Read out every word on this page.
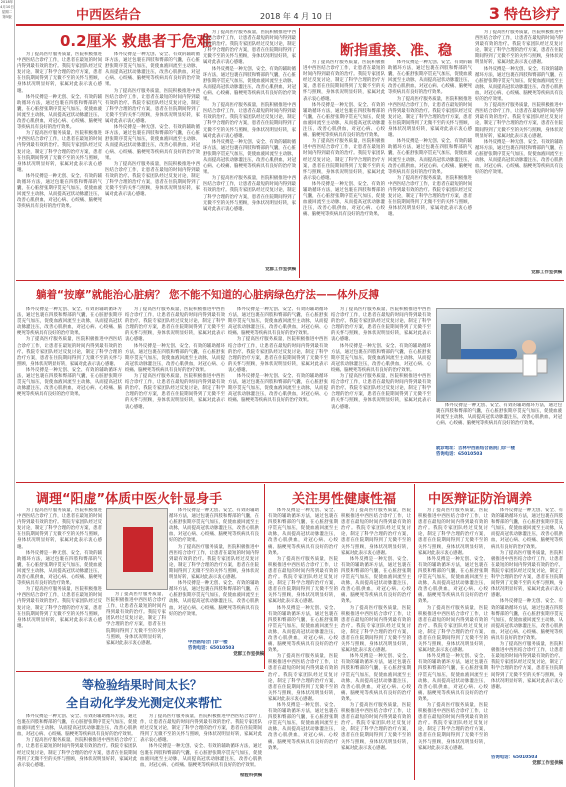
2018年4月10日
星期二 第5版	中西医结合	2018 年 4 月 10 日	3 特色诊疗
0.2厘米 救患者于危难
为了提高医疗服务质量，医院积极推进中西医结合诊疗工作，让患者在最短的时间内得到最有效的治疗。我院专家团队经过反复讨论，制定了科学合理的治疗方案，患者在住院期间得到了无微不至的关怀与照顾，身体状况明显好转，家属对此表示衷心感谢。
体外反搏是一种无创、安全、有效的辅助循环方法，通过包裹在四肢和臀部的气囊，在心脏舒张期序贯充气加压，促使血液回流至主动脉，从而提高冠状动脉灌注压，改善心肌供血，对冠心病、心绞痛、脑梗死等疾病具有良好的治疗效果。
为了提高医疗服务质量，医院积极推进中西医结合诊疗工作，让患者在最短的时间内得到最有效的治疗。我院专家团队经过反复讨论，制定了科学合理的治疗方案，患者在住院期间得到了无微不至的关怀与照顾，身体状况明显好转，家属对此表示衷心感谢。
体外反搏是一种无创、安全、有效的辅助循环方法，通过包裹在四肢和臀部的气囊，在心脏舒张期序贯充气加压，促使血液回流至主动脉，从而提高冠状动脉灌注压，改善心肌供血，对冠心病、心绞痛、脑梗死等疾病具有良好的治疗效果。
体外反搏是一种无创、安全、有效的辅助循环方法，通过包裹在四肢和臀部的气囊，在心脏舒张期序贯充气加压，促使血液回流至主动脉，从而提高冠状动脉灌注压，改善心肌供血，对冠心病、心绞痛、脑梗死等疾病具有良好的治疗效果。
为了提高医疗服务质量，医院积极推进中西医结合诊疗工作，让患者在最短的时间内得到最有效的治疗。我院专家团队经过反复讨论，制定了科学合理的治疗方案，患者在住院期间得到了无微不至的关怀与照顾，身体状况明显好转，家属对此表示衷心感谢。
体外反搏是一种无创、安全、有效的辅助循环方法，通过包裹在四肢和臀部的气囊，在心脏舒张期序贯充气加压，促使血液回流至主动脉，从而提高冠状动脉灌注压，改善心肌供血，对冠心病、心绞痛、脑梗死等疾病具有良好的治疗效果。
为了提高医疗服务质量，医院积极推进中西医结合诊疗工作，让患者在最短的时间内得到最有效的治疗。我院专家团队经过反复讨论，制定了科学合理的治疗方案，患者在住院期间得到了无微不至的关怀与照顾，身体状况明显好转，家属对此表示衷心感谢。
为了提高医疗服务质量，医院积极推进中西医结合诊疗工作，让患者在最短的时间内得到最有效的治疗。我院专家团队经过反复讨论，制定了科学合理的治疗方案，患者在住院期间得到了无微不至的关怀与照顾，身体状况明显好转，家属对此表示衷心感谢。
体外反搏是一种无创、安全、有效的辅助循环方法，通过包裹在四肢和臀部的气囊，在心脏舒张期序贯充气加压，促使血液回流至主动脉，从而提高冠状动脉灌注压，改善心肌供血，对冠心病、心绞痛、脑梗死等疾病具有良好的治疗效果。
为了提高医疗服务质量，医院积极推进中西医结合诊疗工作，让患者在最短的时间内得到最有效的治疗。我院专家团队经过反复讨论，制定了科学合理的治疗方案，患者在住院期间得到了无微不至的关怀与照顾，身体状况明显好转，家属对此表示衷心感谢。
体外反搏是一种无创、安全、有效的辅助循环方法，通过包裹在四肢和臀部的气囊，在心脏舒张期序贯充气加压，促使血液回流至主动脉，从而提高冠状动脉灌注压，改善心肌供血，对冠心病、心绞痛、脑梗死等疾病具有良好的治疗效果。
为了提高医疗服务质量，医院积极推进中西医结合诊疗工作，让患者在最短的时间内得到最有效的治疗。我院专家团队经过反复讨论，制定了科学合理的治疗方案，患者在住院期间得到了无微不至的关怀与照顾，身体状况明显好转，家属对此表示衷心感谢。
党群工作室供稿
断指重接、准、稳
为了提高医疗服务质量，医院积极推进中西医结合诊疗工作，让患者在最短的时间内得到最有效的治疗。我院专家团队经过反复讨论，制定了科学合理的治疗方案，患者在住院期间得到了无微不至的关怀与照顾，身体状况明显好转，家属对此表示衷心感谢。
体外反搏是一种无创、安全、有效的辅助循环方法，通过包裹在四肢和臀部的气囊，在心脏舒张期序贯充气加压，促使血液回流至主动脉，从而提高冠状动脉灌注压，改善心肌供血，对冠心病、心绞痛、脑梗死等疾病具有良好的治疗效果。
为了提高医疗服务质量，医院积极推进中西医结合诊疗工作，让患者在最短的时间内得到最有效的治疗。我院专家团队经过反复讨论，制定了科学合理的治疗方案，患者在住院期间得到了无微不至的关怀与照顾，身体状况明显好转，家属对此表示衷心感谢。
体外反搏是一种无创、安全、有效的辅助循环方法，通过包裹在四肢和臀部的气囊，在心脏舒张期序贯充气加压，促使血液回流至主动脉，从而提高冠状动脉灌注压，改善心肌供血，对冠心病、心绞痛、脑梗死等疾病具有良好的治疗效果。
体外反搏是一种无创、安全、有效的辅助循环方法，通过包裹在四肢和臀部的气囊，在心脏舒张期序贯充气加压，促使血液回流至主动脉，从而提高冠状动脉灌注压，改善心肌供血，对冠心病、心绞痛、脑梗死等疾病具有良好的治疗效果。
为了提高医疗服务质量，医院积极推进中西医结合诊疗工作，让患者在最短的时间内得到最有效的治疗。我院专家团队经过反复讨论，制定了科学合理的治疗方案，患者在住院期间得到了无微不至的关怀与照顾，身体状况明显好转，家属对此表示衷心感谢。
体外反搏是一种无创、安全、有效的辅助循环方法，通过包裹在四肢和臀部的气囊，在心脏舒张期序贯充气加压，促使血液回流至主动脉，从而提高冠状动脉灌注压，改善心肌供血，对冠心病、心绞痛、脑梗死等疾病具有良好的治疗效果。
为了提高医疗服务质量，医院积极推进中西医结合诊疗工作，让患者在最短的时间内得到最有效的治疗。我院专家团队经过反复讨论，制定了科学合理的治疗方案，患者在住院期间得到了无微不至的关怀与照顾，身体状况明显好转，家属对此表示衷心感谢。
为了提高医疗服务质量，医院积极推进中西医结合诊疗工作，让患者在最短的时间内得到最有效的治疗。我院专家团队经过反复讨论，制定了科学合理的治疗方案，患者在住院期间得到了无微不至的关怀与照顾，身体状况明显好转，家属对此表示衷心感谢。
体外反搏是一种无创、安全、有效的辅助循环方法，通过包裹在四肢和臀部的气囊，在心脏舒张期序贯充气加压，促使血液回流至主动脉，从而提高冠状动脉灌注压，改善心肌供血，对冠心病、心绞痛、脑梗死等疾病具有良好的治疗效果。
为了提高医疗服务质量，医院积极推进中西医结合诊疗工作，让患者在最短的时间内得到最有效的治疗。我院专家团队经过反复讨论，制定了科学合理的治疗方案，患者在住院期间得到了无微不至的关怀与照顾，身体状况明显好转，家属对此表示衷心感谢。
体外反搏是一种无创、安全、有效的辅助循环方法，通过包裹在四肢和臀部的气囊，在心脏舒张期序贯充气加压，促使血液回流至主动脉，从而提高冠状动脉灌注压，改善心肌供血，对冠心病、心绞痛、脑梗死等疾病具有良好的治疗效果。
党群工作室供稿
躺着“按摩”就能治心脏病？ 您不能不知道的心脏病绿色疗法——体外反搏
体外反搏是一种无创、安全、有效的辅助循环方法，通过包裹在四肢和臀部的气囊，在心脏舒张期序贯充气加压，促使血液回流至主动脉，从而提高冠状动脉灌注压，改善心肌供血，对冠心病、心绞痛、脑梗死等疾病具有良好的治疗效果。
为了提高医疗服务质量，医院积极推进中西医结合诊疗工作，让患者在最短的时间内得到最有效的治疗。我院专家团队经过反复讨论，制定了科学合理的治疗方案，患者在住院期间得到了无微不至的关怀与照顾，身体状况明显好转，家属对此表示衷心感谢。
体外反搏是一种无创、安全、有效的辅助循环方法，通过包裹在四肢和臀部的气囊，在心脏舒张期序贯充气加压，促使血液回流至主动脉，从而提高冠状动脉灌注压，改善心肌供血，对冠心病、心绞痛、脑梗死等疾病具有良好的治疗效果。
为了提高医疗服务质量，医院积极推进中西医结合诊疗工作，让患者在最短的时间内得到最有效的治疗。我院专家团队经过反复讨论，制定了科学合理的治疗方案，患者在住院期间得到了无微不至的关怀与照顾，身体状况明显好转，家属对此表示衷心感谢。
体外反搏是一种无创、安全、有效的辅助循环方法，通过包裹在四肢和臀部的气囊，在心脏舒张期序贯充气加压，促使血液回流至主动脉，从而提高冠状动脉灌注压，改善心肌供血，对冠心病、心绞痛、脑梗死等疾病具有良好的治疗效果。
为了提高医疗服务质量，医院积极推进中西医结合诊疗工作，让患者在最短的时间内得到最有效的治疗。我院专家团队经过反复讨论，制定了科学合理的治疗方案，患者在住院期间得到了无微不至的关怀与照顾，身体状况明显好转，家属对此表示衷心感谢。
体外反搏是一种无创、安全、有效的辅助循环方法，通过包裹在四肢和臀部的气囊，在心脏舒张期序贯充气加压，促使血液回流至主动脉，从而提高冠状动脉灌注压，改善心肌供血，对冠心病、心绞痛、脑梗死等疾病具有良好的治疗效果。
为了提高医疗服务质量，医院积极推进中西医结合诊疗工作，让患者在最短的时间内得到最有效的治疗。我院专家团队经过反复讨论，制定了科学合理的治疗方案，患者在住院期间得到了无微不至的关怀与照顾，身体状况明显好转，家属对此表示衷心感谢。
体外反搏是一种无创、安全、有效的辅助循环方法，通过包裹在四肢和臀部的气囊，在心脏舒张期序贯充气加压，促使血液回流至主动脉，从而提高冠状动脉灌注压，改善心肌供血，对冠心病、心绞痛、脑梗死等疾病具有良好的治疗效果。
为了提高医疗服务质量，医院积极推进中西医结合诊疗工作，让患者在最短的时间内得到最有效的治疗。我院专家团队经过反复讨论，制定了科学合理的治疗方案，患者在住院期间得到了无微不至的关怀与照顾，身体状况明显好转，家属对此表示衷心感谢。
体外反搏是一种无创、安全、有效的辅助循环方法，通过包裹在四肢和臀部的气囊，在心脏舒张期序贯充气加压，促使血液回流至主动脉，从而提高冠状动脉灌注压，改善心肌供血，对冠心病、心绞痛、脑梗死等疾病具有良好的治疗效果。
为了提高医疗服务质量，医院积极推进中西医结合诊疗工作，让患者在最短的时间内得到最有效的治疗。我院专家团队经过反复讨论，制定了科学合理的治疗方案，患者在住院期间得到了无微不至的关怀与照顾，身体状况明显好转，家属对此表示衷心感谢。	体外反搏是一种无创、安全、有效的辅助循环方法，通过包裹在四肢和臀部的气囊，在心脏舒张期序贯充气加压，促使血液回流至主动脉，从而提高冠状动脉灌注压，改善心肌供血，对冠心病、心绞痛、脑梗死等疾病具有良好的治疗效果。
就诊地址：吉林中西医结合医院门诊一楼
咨询电话：65010503
调理“阳虚”体质中医火针显身手
为了提高医疗服务质量，医院积极推进中西医结合诊疗工作，让患者在最短的时间内得到最有效的治疗。我院专家团队经过反复讨论，制定了科学合理的治疗方案，患者在住院期间得到了无微不至的关怀与照顾，身体状况明显好转，家属对此表示衷心感谢。
体外反搏是一种无创、安全、有效的辅助循环方法，通过包裹在四肢和臀部的气囊，在心脏舒张期序贯充气加压，促使血液回流至主动脉，从而提高冠状动脉灌注压，改善心肌供血，对冠心病、心绞痛、脑梗死等疾病具有良好的治疗效果。
为了提高医疗服务质量，医院积极推进中西医结合诊疗工作，让患者在最短的时间内得到最有效的治疗。我院专家团队经过反复讨论，制定了科学合理的治疗方案，患者在住院期间得到了无微不至的关怀与照顾，身体状况明显好转，家属对此表示衷心感谢。
体外反搏是一种无创、安全、有效的辅助循环方法，通过包裹在四肢和臀部的气囊，在心脏舒张期序贯充气加压，促使血液回流至主动脉，从而提高冠状动脉灌注压，改善心肌供血，对冠心病、心绞痛、脑梗死等疾病具有良好的治疗效果。
为了提高医疗服务质量，医院积极推进中西医结合诊疗工作，让患者在最短的时间内得到最有效的治疗。我院专家团队经过反复讨论，制定了科学合理的治疗方案，患者在住院期间得到了无微不至的关怀与照顾，身体状况明显好转，家属对此表示衷心感谢。
体外反搏是一种无创、安全、有效的辅助循环方法，通过包裹在四肢和臀部的气囊，在心脏舒张期序贯充气加压，促使血液回流至主动脉，从而提高冠状动脉灌注压，改善心肌供血，对冠心病、心绞痛、脑梗死等疾病具有良好的治疗效果。
为了提高医疗服务质量，医院积极推进中西医结合诊疗工作，让患者在最短的时间内得到最有效的治疗。我院专家团队经过反复讨论，制定了科学合理的治疗方案，患者在住院期间得到了无微不至的关怀与照顾，身体状况明显好转，家属对此表示衷心感谢。	中西医结合门诊一楼
咨询电话：65010503
党群工作室供稿
关注男性健康性福
体外反搏是一种无创、安全、有效的辅助循环方法，通过包裹在四肢和臀部的气囊，在心脏舒张期序贯充气加压，促使血液回流至主动脉，从而提高冠状动脉灌注压，改善心肌供血，对冠心病、心绞痛、脑梗死等疾病具有良好的治疗效果。
为了提高医疗服务质量，医院积极推进中西医结合诊疗工作，让患者在最短的时间内得到最有效的治疗。我院专家团队经过反复讨论，制定了科学合理的治疗方案，患者在住院期间得到了无微不至的关怀与照顾，身体状况明显好转，家属对此表示衷心感谢。
体外反搏是一种无创、安全、有效的辅助循环方法，通过包裹在四肢和臀部的气囊，在心脏舒张期序贯充气加压，促使血液回流至主动脉，从而提高冠状动脉灌注压，改善心肌供血，对冠心病、心绞痛、脑梗死等疾病具有良好的治疗效果。
为了提高医疗服务质量，医院积极推进中西医结合诊疗工作，让患者在最短的时间内得到最有效的治疗。我院专家团队经过反复讨论，制定了科学合理的治疗方案，患者在住院期间得到了无微不至的关怀与照顾，身体状况明显好转，家属对此表示衷心感谢。
体外反搏是一种无创、安全、有效的辅助循环方法，通过包裹在四肢和臀部的气囊，在心脏舒张期序贯充气加压，促使血液回流至主动脉，从而提高冠状动脉灌注压，改善心肌供血，对冠心病、心绞痛、脑梗死等疾病具有良好的治疗效果。
为了提高医疗服务质量，医院积极推进中西医结合诊疗工作，让患者在最短的时间内得到最有效的治疗。我院专家团队经过反复讨论，制定了科学合理的治疗方案，患者在住院期间得到了无微不至的关怀与照顾，身体状况明显好转，家属对此表示衷心感谢。
体外反搏是一种无创、安全、有效的辅助循环方法，通过包裹在四肢和臀部的气囊，在心脏舒张期序贯充气加压，促使血液回流至主动脉，从而提高冠状动脉灌注压，改善心肌供血，对冠心病、心绞痛、脑梗死等疾病具有良好的治疗效果。
为了提高医疗服务质量，医院积极推进中西医结合诊疗工作，让患者在最短的时间内得到最有效的治疗。我院专家团队经过反复讨论，制定了科学合理的治疗方案，患者在住院期间得到了无微不至的关怀与照顾，身体状况明显好转，家属对此表示衷心感谢。
体外反搏是一种无创、安全、有效的辅助循环方法，通过包裹在四肢和臀部的气囊，在心脏舒张期序贯充气加压，促使血液回流至主动脉，从而提高冠状动脉灌注压，改善心肌供血，对冠心病、心绞痛、脑梗死等疾病具有良好的治疗效果。
为了提高医疗服务质量，医院积极推进中西医结合诊疗工作，让患者在最短的时间内得到最有效的治疗。我院专家团队经过反复讨论，制定了科学合理的治疗方案，患者在住院期间得到了无微不至的关怀与照顾，身体状况明显好转，家属对此表示衷心感谢。
中医辩证防治调养
为了提高医疗服务质量，医院积极推进中西医结合诊疗工作，让患者在最短的时间内得到最有效的治疗。我院专家团队经过反复讨论，制定了科学合理的治疗方案，患者在住院期间得到了无微不至的关怀与照顾，身体状况明显好转，家属对此表示衷心感谢。
体外反搏是一种无创、安全、有效的辅助循环方法，通过包裹在四肢和臀部的气囊，在心脏舒张期序贯充气加压，促使血液回流至主动脉，从而提高冠状动脉灌注压，改善心肌供血，对冠心病、心绞痛、脑梗死等疾病具有良好的治疗效果。
为了提高医疗服务质量，医院积极推进中西医结合诊疗工作，让患者在最短的时间内得到最有效的治疗。我院专家团队经过反复讨论，制定了科学合理的治疗方案，患者在住院期间得到了无微不至的关怀与照顾，身体状况明显好转，家属对此表示衷心感谢。
体外反搏是一种无创、安全、有效的辅助循环方法，通过包裹在四肢和臀部的气囊，在心脏舒张期序贯充气加压，促使血液回流至主动脉，从而提高冠状动脉灌注压，改善心肌供血，对冠心病、心绞痛、脑梗死等疾病具有良好的治疗效果。
为了提高医疗服务质量，医院积极推进中西医结合诊疗工作，让患者在最短的时间内得到最有效的治疗。我院专家团队经过反复讨论，制定了科学合理的治疗方案，患者在住院期间得到了无微不至的关怀与照顾，身体状况明显好转，家属对此表示衷心感谢。
体外反搏是一种无创、安全、有效的辅助循环方法，通过包裹在四肢和臀部的气囊，在心脏舒张期序贯充气加压，促使血液回流至主动脉，从而提高冠状动脉灌注压，改善心肌供血，对冠心病、心绞痛、脑梗死等疾病具有良好的治疗效果。
为了提高医疗服务质量，医院积极推进中西医结合诊疗工作，让患者在最短的时间内得到最有效的治疗。我院专家团队经过反复讨论，制定了科学合理的治疗方案，患者在住院期间得到了无微不至的关怀与照顾，身体状况明显好转，家属对此表示衷心感谢。
体外反搏是一种无创、安全、有效的辅助循环方法，通过包裹在四肢和臀部的气囊，在心脏舒张期序贯充气加压，促使血液回流至主动脉，从而提高冠状动脉灌注压，改善心肌供血，对冠心病、心绞痛、脑梗死等疾病具有良好的治疗效果。
为了提高医疗服务质量，医院积极推进中西医结合诊疗工作，让患者在最短的时间内得到最有效的治疗。我院专家团队经过反复讨论，制定了科学合理的治疗方案，患者在住院期间得到了无微不至的关怀与照顾，身体状况明显好转，家属对此表示衷心感谢。
咨询电话：65010503
党群工作室供稿
等检验结果时间太长？
全自动化学发光测定仪来帮忙
体外反搏是一种无创、安全、有效的辅助循环方法，通过包裹在四肢和臀部的气囊，在心脏舒张期序贯充气加压，促使血液回流至主动脉，从而提高冠状动脉灌注压，改善心肌供血，对冠心病、心绞痛、脑梗死等疾病具有良好的治疗效果。
为了提高医疗服务质量，医院积极推进中西医结合诊疗工作，让患者在最短的时间内得到最有效的治疗。我院专家团队经过反复讨论，制定了科学合理的治疗方案，患者在住院期间得到了无微不至的关怀与照顾，身体状况明显好转，家属对此表示衷心感谢。
为了提高医疗服务质量，医院积极推进中西医结合诊疗工作，让患者在最短的时间内得到最有效的治疗。我院专家团队经过反复讨论，制定了科学合理的治疗方案，患者在住院期间得到了无微不至的关怀与照顾，身体状况明显好转，家属对此表示衷心感谢。
体外反搏是一种无创、安全、有效的辅助循环方法，通过包裹在四肢和臀部的气囊，在心脏舒张期序贯充气加压，促使血液回流至主动脉，从而提高冠状动脉灌注压，改善心肌供血，对冠心病、心绞痛、脑梗死等疾病具有良好的治疗效果。
检验科供稿
